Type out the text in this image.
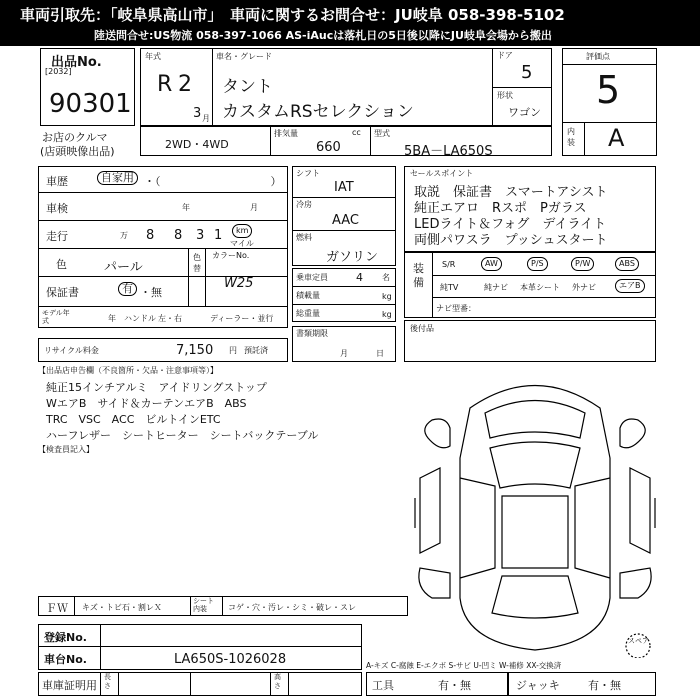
車両引取先：「岐阜県高山市」　車両に関するお問合せ：JU岐阜 058-398-5102
陸送問合せ:US物流 058-397-1066 AS-iAucは落札日の5日後以降にJU岐阜会場から搬出
出品No.
[2032]
90301
お店のクルマ
(店頭映像出品)
年式
R 2
3 月
車名・グレード
タント
カスタムRSセレクション
ドア
5
形状
ワゴン
評価点
5
内装 A
2WD・4WD
排気量	cc
660
型式
5BA－LA650S
車歴	自家用 ・（　　　　　　　　　　）
車検	年	月
走行	万 8 8 3 1	km
マイル
色	パール
色替
カラーNo.
W25
保証書	有 ・無
モデル年式	年 ハンドル 左・右	ディーラー・並行
リサイクル料金	7,150 円 預託済
シフト
IAT
冷房
AAC
燃料
ガソリン
乗車定員	4 名
積載量	kg
総重量	kg
書類期限
月	日
セールスポイント
取説　保証書　スマートアシスト
純正エアロ　Rスポ　Pガラス
LEDライト＆フォグ　デイライト
両側パワスラ　プッシュスタート
装備
S/R	AW	P/S	P/W	ABS
純TV	純ナビ 本革シート 外ナビ	エアB
ナビ型番：
後付品
【出品店申告欄（不良箇所・欠品・注意事項等）】
純正15インチアルミ　アイドリングストップ
WエアB　サイド＆カーテンエアB　ABS
TRC　VSC　ACC　ビルトインETC
ハーフレザー　シートヒーター　シートバックテーブル
【検査員記入】
スペア
ＦＷ キズ・トビ石・割レＸ
シート内装	コゲ・穴・汚レ・シミ・破レ・スレ
登録No.
車台No.	LA650S-1026028	A-キズ C-腐蝕 E-エクボ S-サビ U-凹ミ W-補修 XX-交換済
車庫証明用
長さ
高さ	工具	有・無	ジャッキ	有・無
